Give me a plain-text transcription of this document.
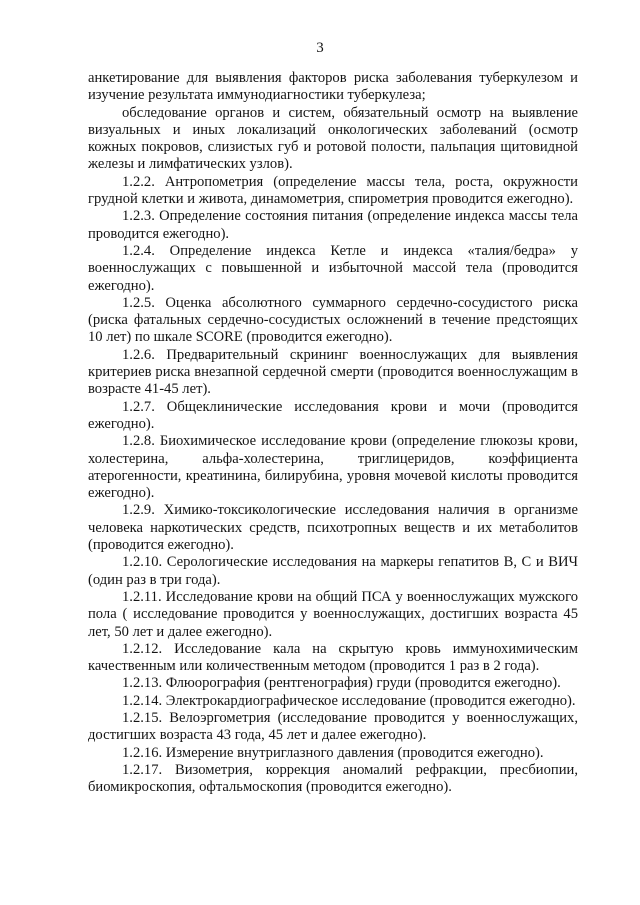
3

анкетирование для выявления факторов риска заболевания туберкулезом и изучение результата иммунодиагностики туберкулеза;

обследование органов и систем, обязательный осмотр на выявление визуальных и иных локализаций онкологических заболеваний (осмотр кожных покровов, слизистых губ и ротовой полости, пальпация щитовидной железы и лимфатических узлов).

1.2.2. Антропометрия (определение массы тела, роста, окружности грудной клетки и живота, динамометрия, спирометрия проводится ежегодно).

1.2.3. Определение состояния питания (определение индекса массы тела проводится ежегодно).

1.2.4. Определение индекса Кетле и индекса «талия/бедра» у военнослужащих с повышенной и избыточной массой тела (проводится ежегодно).

1.2.5. Оценка абсолютного суммарного сердечно-сосудистого риска (риска фатальных сердечно-сосудистых осложнений в течение предстоящих 10 лет) по шкале SCORE (проводится ежегодно).

1.2.6. Предварительный скрининг военнослужащих для выявления критериев риска внезапной сердечной смерти (проводится военнослужащим в возрасте 41-45 лет).

1.2.7. Общеклинические исследования крови и мочи (проводится ежегодно).

1.2.8. Биохимическое исследование крови (определение глюкозы крови, холестерина, альфа-холестерина, триглицеридов, коэффициента атерогенности, креатинина, билирубина, уровня мочевой кислоты проводится ежегодно).

1.2.9. Химико-токсикологические исследования наличия в организме человека наркотических средств, психотропных веществ и их метаболитов (проводится ежегодно).

1.2.10. Серологические исследования на маркеры гепатитов В, С и ВИЧ (один раз в три года).

1.2.11. Исследование крови на общий ПСА у военнослужащих мужского пола ( исследование проводится у военнослужащих, достигших возраста 45 лет, 50 лет и далее ежегодно).

1.2.12. Исследование кала на скрытую кровь иммунохимическим качественным или количественным методом (проводится 1 раз в 2 года).

1.2.13. Флюорография (рентгенография) груди (проводится ежегодно).

1.2.14. Электрокардиографическое исследование (проводится ежегодно).

1.2.15. Велоэргометрия (исследование проводится у военнослужащих, достигших возраста 43 года, 45 лет и далее ежегодно).

1.2.16. Измерение внутриглазного давления (проводится ежегодно).

1.2.17. Визометрия, коррекция аномалий рефракции, пресбиопии, биомикроскопия, офтальмоскопия (проводится ежегодно).
